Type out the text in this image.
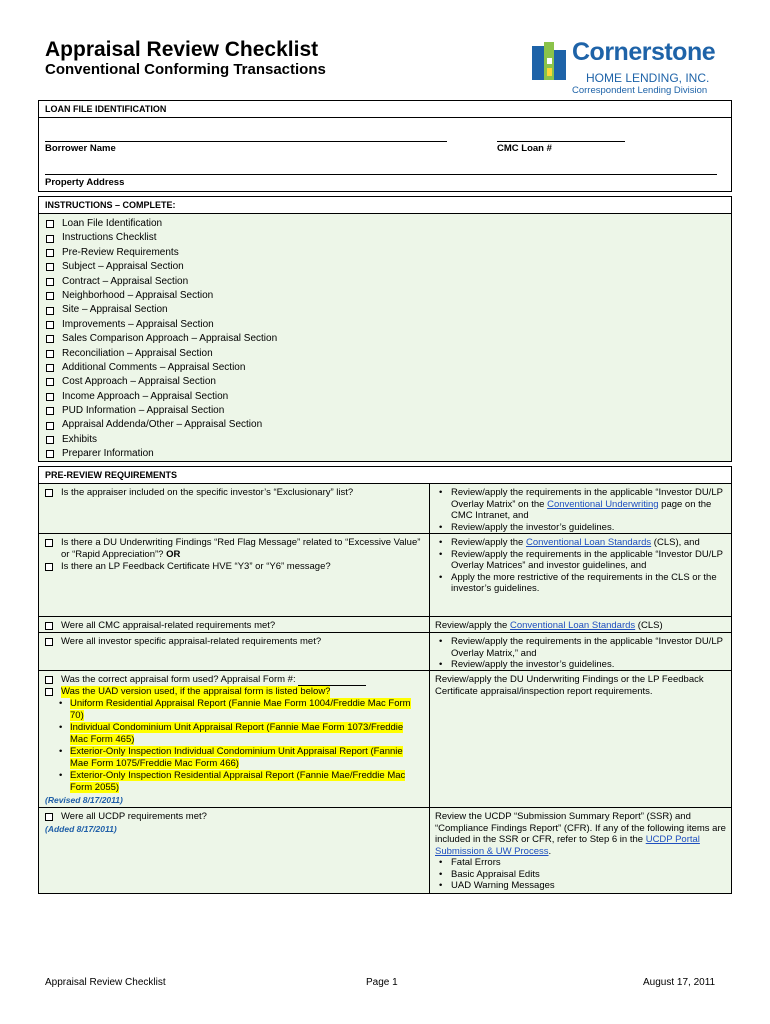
Appraisal Review Checklist
Conventional Conforming Transactions
Cornerstone
HOME LENDING, INC.
Correspondent Lending Division
LOAN FILE IDENTIFICATION
Borrower Name	CMC Loan #
Property Address
INSTRUCTIONS – COMPLETE:
Loan File Identification
Instructions Checklist
Pre-Review Requirements
Subject – Appraisal Section
Contract – Appraisal Section
Neighborhood – Appraisal Section
Site – Appraisal Section
Improvements – Appraisal Section
Sales Comparison Approach – Appraisal Section
Reconciliation – Appraisal Section
Additional Comments – Appraisal Section
Cost Approach – Appraisal Section
Income Approach – Appraisal Section
PUD Information – Appraisal Section
Appraisal Addenda/Other – Appraisal Section
Exhibits
Preparer Information
PRE-REVIEW REQUIREMENTS
Is the appraiser included on the specific investor’s “Exclusionary” list?	• Review/apply the requirements in the applicable “Investor DU/LP Overlay Matrix” on the Conventional Underwriting page on the CMC Intranet, and
• Review/apply the investor’s guidelines.
Is there a DU Underwriting Findings “Red Flag Message” related to “Excessive Value” or “Rapid Appreciation”? OR
Is there an LP Feedback Certificate HVE “Y3” or “Y6” message?
• Review/apply the Conventional Loan Standards (CLS), and
• Review/apply the requirements in the applicable “Investor DU/LP Overlay Matrices” and investor guidelines, and
• Apply the more restrictive of the requirements in the CLS or the investor’s guidelines.
Were all CMC appraisal-related requirements met?	Review/apply the Conventional Loan Standards (CLS)
Were all investor specific appraisal-related requirements met?	• Review/apply the requirements in the applicable “Investor DU/LP Overlay Matrix,” and
• Review/apply the investor’s guidelines.
Was the correct appraisal form used? Appraisal Form #:
Was the UAD version used, if the appraisal form is listed below?
• Uniform Residential Appraisal Report (Fannie Mae Form 1004/Freddie Mac Form 70)
• Individual Condominium Unit Appraisal Report (Fannie Mae Form 1073/Freddie Mac Form 465)
• Exterior-Only Inspection Individual Condominium Unit Appraisal Report (Fannie Mae Form 1075/Freddie Mac Form 466)
• Exterior-Only Inspection Residential Appraisal Report (Fannie Mae/Freddie Mac Form 2055)
(Revised 8/17/2011)
Review/apply the DU Underwriting Findings or the LP Feedback Certificate appraisal/inspection report requirements.
Were all UCDP requirements met?
(Added 8/17/2011)
Review the UCDP “Submission Summary Report” (SSR) and “Compliance Findings Report” (CFR). If any of the following items are included in the SSR or CFR, refer to Step 6 in the UCDP Portal Submission & UW Process.
• Fatal Errors
• Basic Appraisal Edits
• UAD Warning Messages
Appraisal Review Checklist	Page 1	August 17, 2011
